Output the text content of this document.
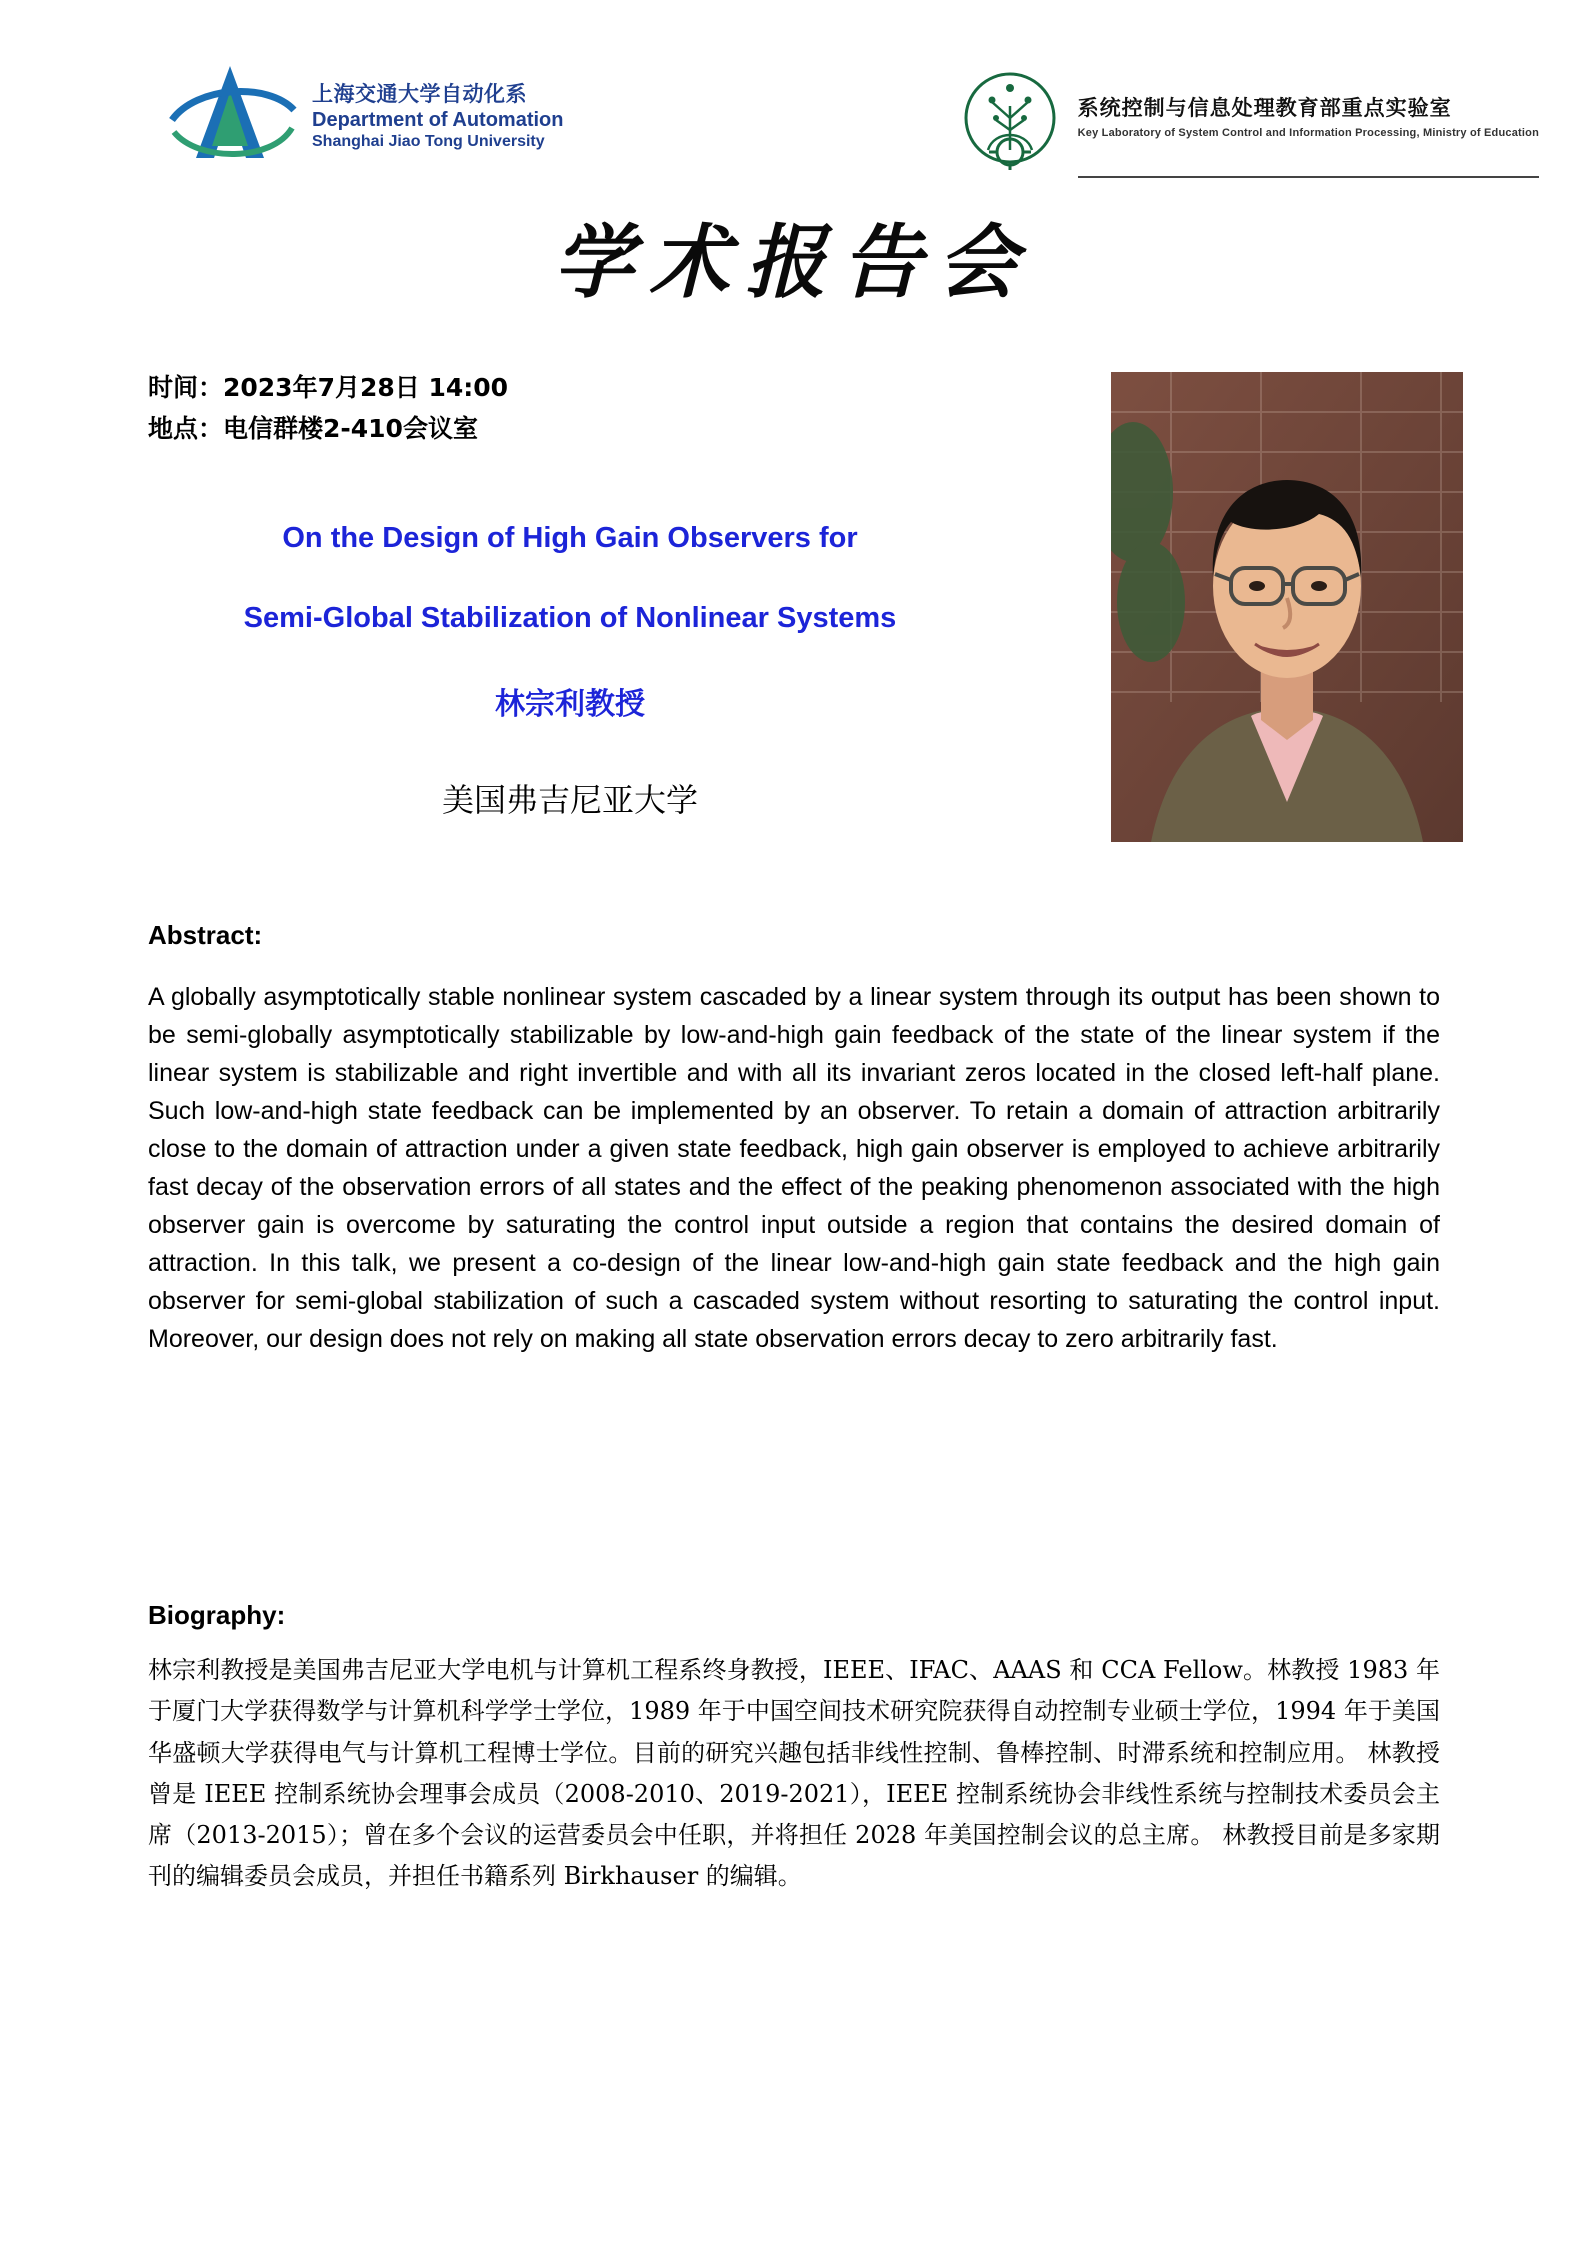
上海交通大学自动化系
Department of Automation
Shanghai Jiao Tong University
系统控制与信息处理教育部重点实验室
Key Laboratory of System Control and Information Processing, Ministry of Education
学术报告会
时间：2023年7月28日 14:00
地点：电信群楼2-410会议室
On the Design of High Gain Observers for
Semi-Global Stabilization of Nonlinear Systems
林宗利教授
美国弗吉尼亚大学
Abstract:
A globally asymptotically stable nonlinear system cascaded by a linear system through its output has been shown to be semi-globally asymptotically stabilizable by low-and-high gain feedback of the state of the linear system if the linear system is stabilizable and right invertible and with all its invariant zeros located in the closed left-half plane. Such low-and-high state feedback can be implemented by an observer. To retain a domain of attraction arbitrarily close to the domain of attraction under a given state feedback, high gain observer is employed to achieve arbitrarily fast decay of the observation errors of all states and the effect of the peaking phenomenon associated with the high observer gain is overcome by saturating the control input outside a region that contains the desired domain of attraction. In this talk, we present a co-design of the linear low-and-high gain state feedback and the high gain observer for semi-global stabilization of such a cascaded system without resorting to saturating the control input. Moreover, our design does not rely on making all state observation errors decay to zero arbitrarily fast.
Biography:
林宗利教授是美国弗吉尼亚大学电机与计算机工程系终身教授，IEEE、IFAC、AAAS 和 CCA Fellow。林教授 1983 年于厦门大学获得数学与计算机科学学士学位，1989 年于中国空间技术研究院获得自动控制专业硕士学位，1994 年于美国华盛顿大学获得电气与计算机工程博士学位。目前的研究兴趣包括非线性控制、鲁棒控制、时滞系统和控制应用。 林教授曾是 IEEE 控制系统协会理事会成员（2008-2010、2019-2021），IEEE 控制系统协会非线性系统与控制技术委员会主席（2013-2015）；曾在多个会议的运营委员会中任职，并将担任 2028 年美国控制会议的总主席。 林教授目前是多家期刊的编辑委员会成员，并担任书籍系列 Birkhauser 的编辑。
